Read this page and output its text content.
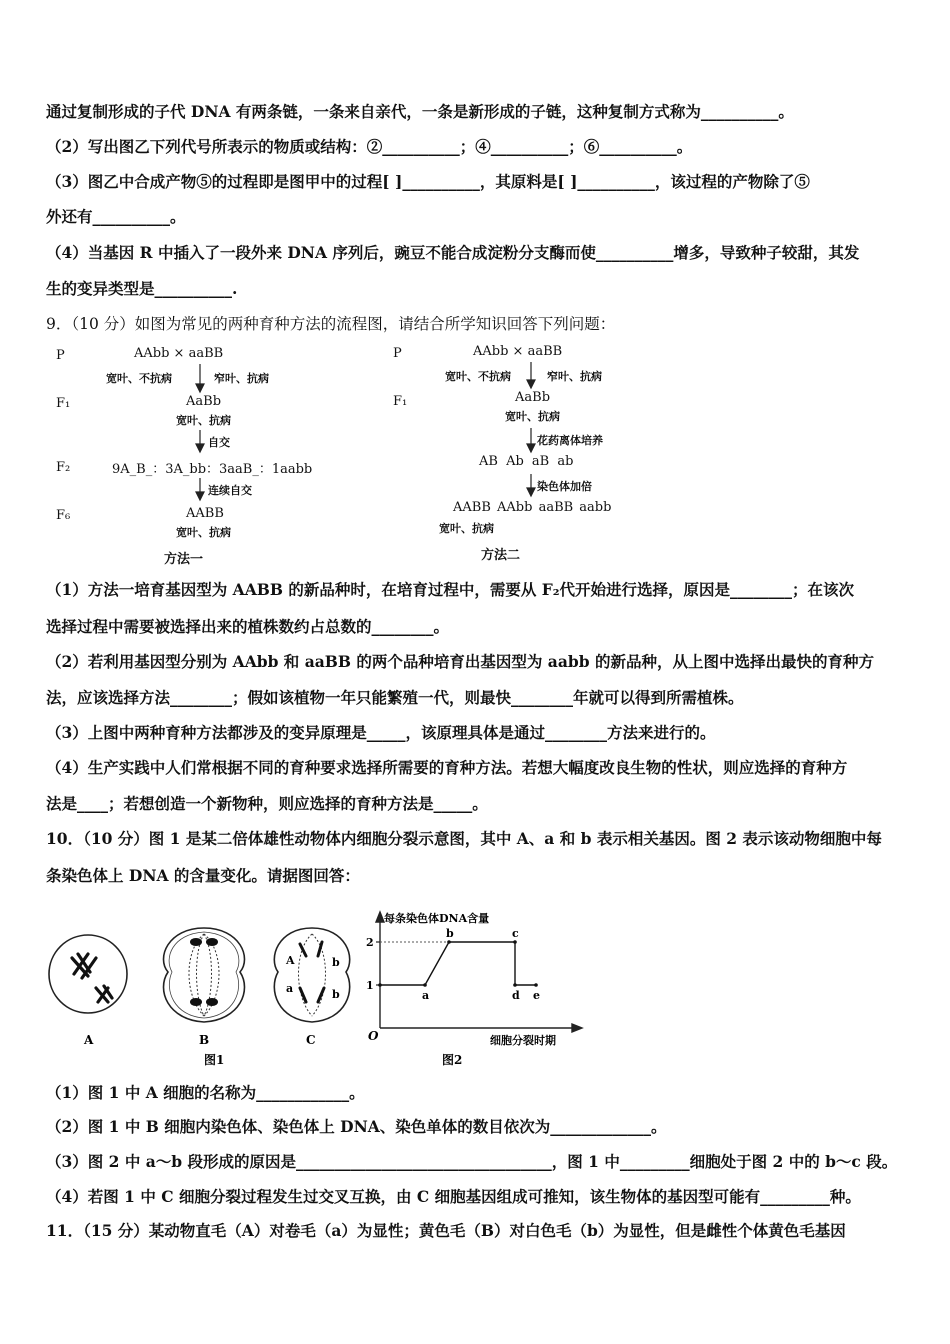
通过复制形成的子代 DNA 有两条链，一条来自亲代，一条是新形成的子链，这种复制方式称为__________。
（2）写出图乙下列代号所表示的物质或结构：②__________；④__________；⑥__________。
（3）图乙中合成产物⑤的过程即是图甲中的过程[ ]__________，其原料是[ ]__________，该过程的产物除了⑤
外还有__________。
（4）当基因 R 中插入了一段外来 DNA 序列后，豌豆不能合成淀粉分支酶而使__________增多，导致种子较甜，其发
生的变异类型是__________.
9．（10 分）如图为常见的两种育种方法的流程图，请结合所学知识回答下列问题：
P	AAbb × aaBB
宽叶、不抗病	窄叶、抗病
F₁	AaBb
宽叶、抗病
自交
F₂	9A_B_：3A_bb：3aaB_：1aabb
连续自交
F₆	AABB
宽叶、抗病
方法一
P	AAbb × aaBB
宽叶、不抗病	窄叶、抗病
F₁	AaBb
宽叶、抗病
花药离体培养
AB Ab aB ab
染色体加倍
AABB AAbb aaBB aabb
宽叶、抗病
方法二
（1）方法一培育基因型为 AABB 的新品种时，在培育过程中，需要从 F₂代开始进行选择，原因是________；在该次
选择过程中需要被选择出来的植株数约占总数的________。
（2）若利用基因型分别为 AAbb 和 aaBB 的两个品种培育出基因型为 aabb 的新品种，从上图中选择出最快的育种方
法，应该选择方法________；假如该植物一年只能繁殖一代，则最快________年就可以得到所需植株。
（3）上图中两种育种方法都涉及的变异原理是_____，该原理具体是通过________方法来进行的。
（4）生产实践中人们常根据不同的育种要求选择所需要的育种方法。若想大幅度改良生物的性状，则应选择的育种方
法是____；若想创造一个新物种，则应选择的育种方法是_____。
10．（10 分）图 1 是某二倍体雄性动物体内细胞分裂示意图，其中 A、a 和 b 表示相关基因。图 2 表示该动物细胞中每
条染色体上 DNA 的含量变化。请据图回答：
A	B
A
a
b
b
C
图1
每条染色体DNA含量
细胞分裂时期
O
1
2
a
b	c
d e
图2
（1）图 1 中 A 细胞的名称为____________。
（2）图 1 中 B 细胞内染色体、染色体上 DNA、染色单体的数目依次为_____________。
（3）图 2 中 a～b 段形成的原因是_________________________________，图 1 中_________细胞处于图 2 中的 b～c 段。
（4）若图 1 中 C 细胞分裂过程发生过交叉互换，由 C 细胞基因组成可推知，该生物体的基因型可能有_________种。
11．（15 分）某动物直毛（A）对卷毛（a）为显性；黄色毛（B）对白色毛（b）为显性，但是雌性个体黄色毛基因
